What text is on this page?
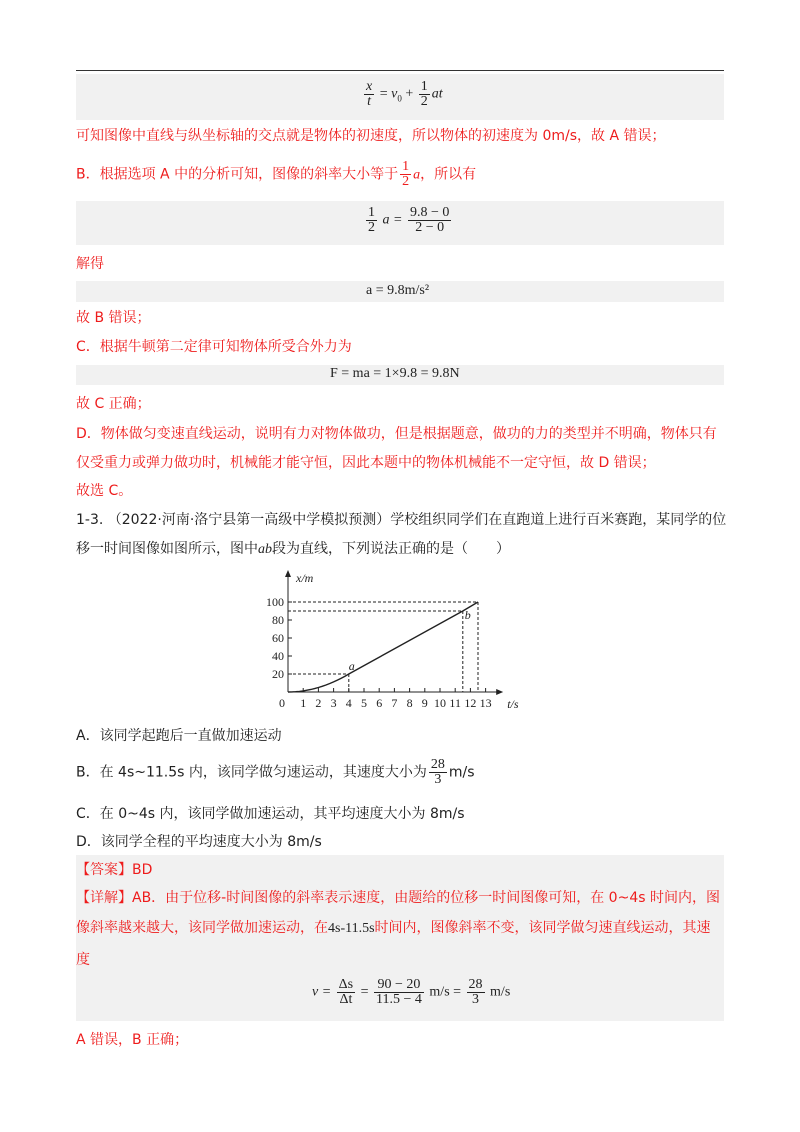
$\frac{x}{t} = v_0 + \frac{1}{2}$ at
可知图像中直线与纵坐标轴的交点就是物体的初速度，所以物体的初速度为 0m/s，故 A 错误；
B．根据选项 A 中的分析可知，图像的斜率大小等于 $\frac{1}{2}$ a，所以有
$\frac{1}{2}$ $a = \frac{9.8 - 0}{2 - 0}$
解得
a = 9.8m/s²
故 B 错误；
C．根据牛顿第二定律可知物体所受合外力为
F = ma = 1×9.8 = 9.8N
故 C 正确；
D．物体做匀变速直线运动，说明有力对物体做功，但是根据题意，做功的力的类型并不明确，物体只有
仅受重力或弹力做功时，机械能才能守恒，因此本题中的物体机械能不一定守恒，故 D 错误；
故选 C。
1-3. （2022·河南·洛宁县第一高级中学模拟预测）学校组织同学们在直跑道上进行百米赛跑，某同学的位
移一时间图像如图所示，图中ab段为直线，下列说法正确的是（　　）
0 1 2 3 4 5 6 7 8 9 10 11 12 13
20
40
60
80
100
t/s
x/m
a
b
A．该同学起跑后一直做加速运动
B．在 4s~11.5s 内，该同学做匀速运动，其速度大小为 $\frac{28}{3} m/s$
C．在 0~4s 内，该同学做加速运动，其平均速度大小为 8m/s
D．该同学全程的平均速度大小为 8m/s
【答案】BD
【详解】AB．由于位移-时间图像的斜率表示速度，由题给的位移一时间图像可知，在 0~4s 时间内，图
像斜率越来越大，该同学做加速运动，在4s-11.5s时间内，图像斜率不变，该同学做匀速直线运动，其速
度
$v = \frac{\Delta s}{\Delta t} = \frac{90 - 20}{11.5 - 4} m/s = \frac{28}{3} m/s$
A 错误，B 正确；
